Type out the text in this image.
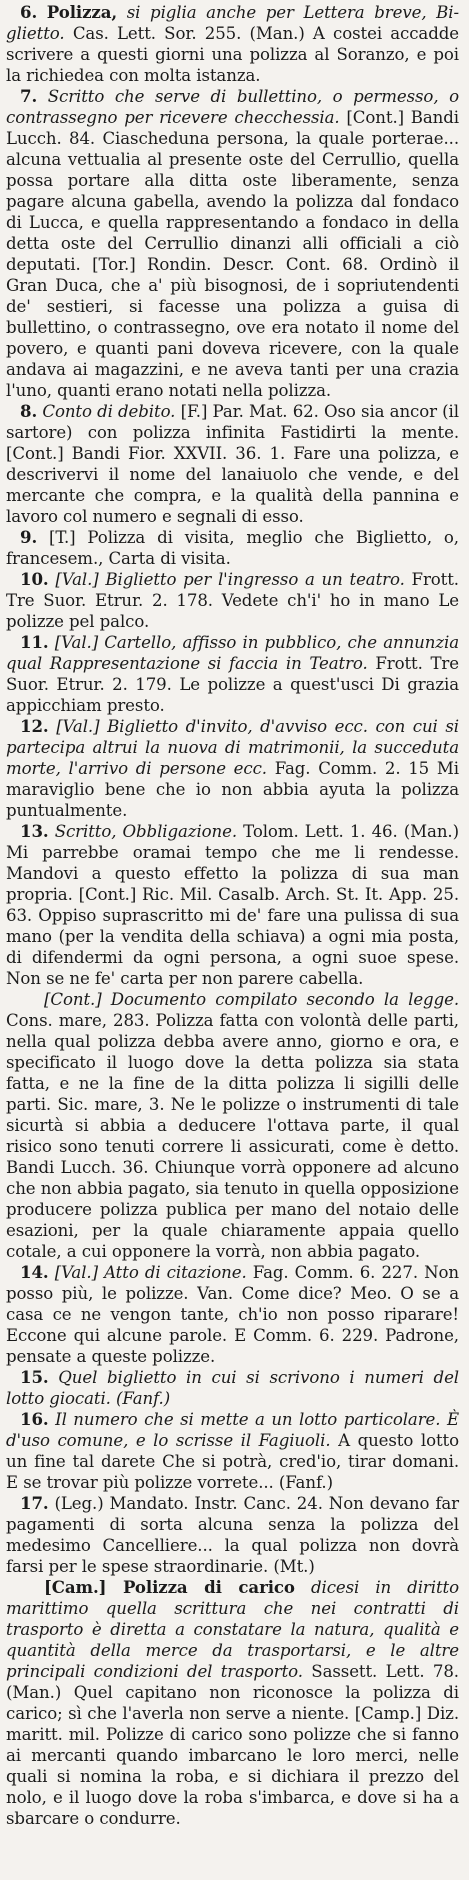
6. Polizza, si piglia anche per Lettera breve, Bi-glietto. Cas. Lett. Sor. 255. (Man.) A costei accadde scrivere a questi giorni una polizza al Soranzo, e poi la richiedea con molta istanza.

7. Scritto che serve di bullettino, o permesso, o contrassegno per ricevere checchessia. [Cont.] Bandi Lucch. 84. Ciascheduna persona, la quale porterae... alcuna vettualia al presente oste del Cerrullio, quella possa portare alla ditta oste liberamente, senza pagare alcuna gabella, avendo la polizza dal fondaco di Lucca, e quella rappresentando a fondaco in della detta oste del Cerrullio dinanzi alli officiali a ciò deputati. [Tor.] Rondin. Descr. Cont. 68. Ordinò il Gran Duca, che a' più bisognosi, de i sopriutendenti de' sestieri, si facesse una polizza a guisa di bullettino, o contrassegno, ove era notato il nome del povero, e quanti pani doveva ricevere, con la quale andava ai magazzini, e ne aveva tanti per una crazia l'uno, quanti erano notati nella polizza.

8. Conto di debito. [F.] Par. Mat. 62. Oso sia ancor (il sartore) con polizza infinita Fastidirti la mente. [Cont.] Bandi Fior. XXVII. 36. 1. Fare una polizza, e descrivervi il nome del lanaiuolo che vende, e del mercante che compra, e la qualità della pannina e lavoro col numero e segnali di esso.

9. [T.] Polizza di visita, meglio che Biglietto, o, francesem., Carta di visita.

10. [Val.] Biglietto per l'ingresso a un teatro. Frott. Tre Suor. Etrur. 2. 178. Vedete ch'i' ho in mano Le polizze pel palco.

11. [Val.] Cartello, affisso in pubblico, che annunzia qual Rappresentazione si faccia in Teatro. Frott. Tre Suor. Etrur. 2. 179. Le polizze a quest'usci Di grazia appicchiam presto.

12. [Val.] Biglietto d'invito, d'avviso ecc. con cui si partecipa altrui la nuova di matrimonii, la succeduta morte, l'arrivo di persone ecc. Fag. Comm. 2. 15 Mi maraviglio bene che io non abbia ayuta la polizza puntualmente.

13. Scritto, Obbligazione. Tolom. Lett. 1. 46. (Man.) Mi parrebbe oramai tempo che me li rendesse. Mandovi a questo effetto la polizza di sua man propria. [Cont.] Ric. Mil. Casalb. Arch. St. It. App. 25. 63. Oppiso suprascritto mi de' fare una pulissa di sua mano (per la vendita della schiava) a ogni mia posta, di difendermi da ogni persona, a ogni suoe spese. Non se ne fe' carta per non parere cabella.

[Cont.] Documento compilato secondo la legge. Cons. mare, 283. Polizza fatta con volontà delle parti, nella qual polizza debba avere anno, giorno e ora, e specificato il luogo dove la detta polizza sia stata fatta, e ne la fine de la ditta polizza li sigilli delle parti. Sic. mare, 3. Ne le polizze o instrumenti di tale sicurtà si abbia a deducere l'ottava parte, il qual risico sono tenuti correre li assicurati, come è detto. Bandi Lucch. 36. Chiunque vorrà opponere ad alcuno che non abbia pagato, sia tenuto in quella opposizione producere polizza publica per mano del notaio delle esazioni, per la quale chiaramente appaia quello cotale, a cui opponere la vorrà, non abbia pagato.

14. [Val.] Atto di citazione. Fag. Comm. 6. 227. Non posso più, le polizze. Van. Come dice? Meo. O se a casa ce ne vengon tante, ch'io non posso riparare! Eccone qui alcune parole. E Comm. 6. 229. Padrone, pensate a queste polizze.

15. Quel biglietto in cui si scrivono i numeri del lotto giocati. (Fanf.)

16. Il numero che si mette a un lotto particolare. È d'uso comune, e lo scrisse il Fagiuoli. A questo lotto un fine tal darete Che si potrà, cred'io, tirar domani. E se trovar più polizze vorrete... (Fanf.)

17. (Leg.) Mandato. Instr. Canc. 24. Non devano far pagamenti di sorta alcuna senza la polizza del medesimo Cancelliere... la qual polizza non dovrà farsi per le spese straordinarie. (Mt.)

[Cam.] Polizza di carico dicesi in diritto marittimo quella scrittura che nei contratti di trasporto è diretta a constatare la natura, qualità e quantità della merce da trasportarsi, e le altre principali condizioni del trasporto. Sassett. Lett. 78. (Man.) Quel capitano non riconosce la polizza di carico; sì che l'averla non serve a niente. [Camp.] Diz. maritt. mil. Polizze di carico sono polizze che si fanno ai mercanti quando imbarcano le loro merci, nelle quali si nomina la roba, e si dichiara il prezzo del nolo, e il luogo dove la roba s'imbarca, e dove si ha a sbarcare o condurre.
